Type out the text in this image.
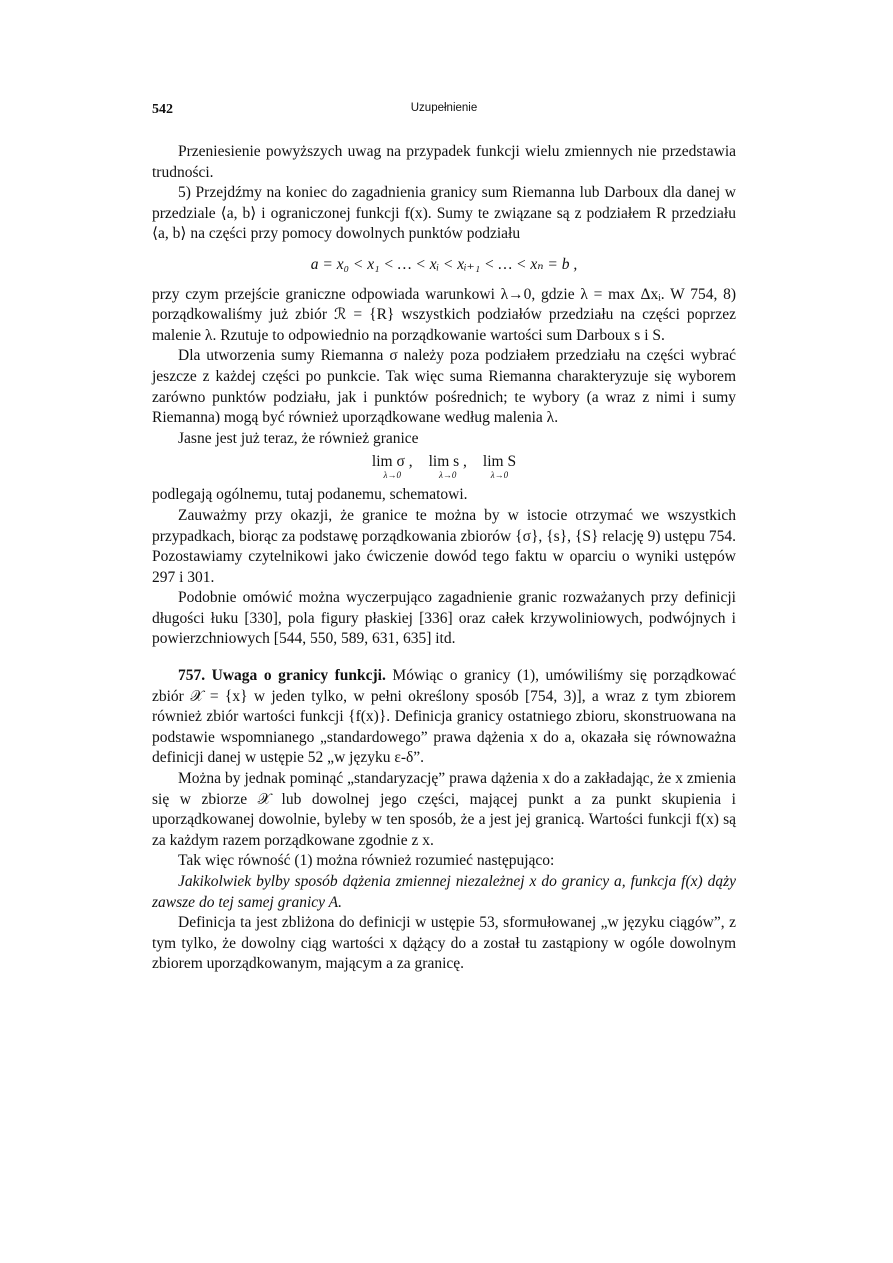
542	Uzupełnienie

Przeniesienie powyższych uwag na przypadek funkcji wielu zmiennych nie przedstawia trudności.

5) Przejdźmy na koniec do zagadnienia granicy sum Riemanna lub Darboux dla danej w przedziale ⟨a, b⟩ i ograniczonej funkcji f(x). Sumy te związane są z podziałem R przedziału ⟨a, b⟩ na części przy pomocy dowolnych punktów podziału

a = x₀ < x₁ < … < xᵢ < xᵢ₊₁ < … < xₙ = b ,

przy czym przejście graniczne odpowiada warunkowi λ→0, gdzie λ = max Δxᵢ. W 754, 8) porządkowaliśmy już zbiór ℛ = {R} wszystkich podziałów przedziału na części poprzez malenie λ. Rzutuje to odpowiednio na porządkowanie wartości sum Darboux s i S.

Dla utworzenia sumy Riemanna σ należy poza podziałem przedziału na części wybrać jeszcze z każdej części po punkcie. Tak więc suma Riemanna charakteryzuje się wyborem zarówno punktów podziału, jak i punktów pośrednich; te wybory (a wraz z nimi i sumy Riemanna) mogą być również uporządkowane według malenia λ.

Jasne jest już teraz, że również granice

lim σ ,
λ→0
lim s ,
λ→0
lim S
λ→0

podlegają ogólnemu, tutaj podanemu, schematowi.

Zauważmy przy okazji, że granice te można by w istocie otrzymać we wszystkich przypadkach, biorąc za podstawę porządkowania zbiorów {σ}, {s}, {S} relację 9) ustępu 754. Pozostawiamy czytelnikowi jako ćwiczenie dowód tego faktu w oparciu o wyniki ustępów 297 i 301.

Podobnie omówić można wyczerpująco zagadnienie granic rozważanych przy definicji długości łuku [330], pola figury płaskiej [336] oraz całek krzywoliniowych, podwójnych i powierzchniowych [544, 550, 589, 631, 635] itd.

757. Uwaga o granicy funkcji. Mówiąc o granicy (1), umówiliśmy się porządkować zbiór 𝒳 = {x} w jeden tylko, w pełni określony sposób [754, 3)], a wraz z tym zbiorem również zbiór wartości funkcji {f(x)}. Definicja granicy ostatniego zbioru, skonstruowana na podstawie wspomnianego „standardowego” prawa dążenia x do a, okazała się równoważna definicji danej w ustępie 52 „w języku ε-δ”.

Można by jednak pominąć „standaryzację” prawa dążenia x do a zakładając, że x zmienia się w zbiorze 𝒳 lub dowolnej jego części, mającej punkt a za punkt skupienia i uporządkowanej dowolnie, byleby w ten sposób, że a jest jej granicą. Wartości funkcji f(x) są za każdym razem porządkowane zgodnie z x.

Tak więc równość (1) można również rozumieć następująco:

Jakikolwiek bylby sposób dążenia zmiennej niezależnej x do granicy a, funkcja f(x) dąży zawsze do tej samej granicy A.

Definicja ta jest zbliżona do definicji w ustępie 53, sformułowanej „w języku ciągów”, z tym tylko, że dowolny ciąg wartości x dążący do a został tu zastąpiony w ogóle dowolnym zbiorem uporządkowanym, mającym a za granicę.
